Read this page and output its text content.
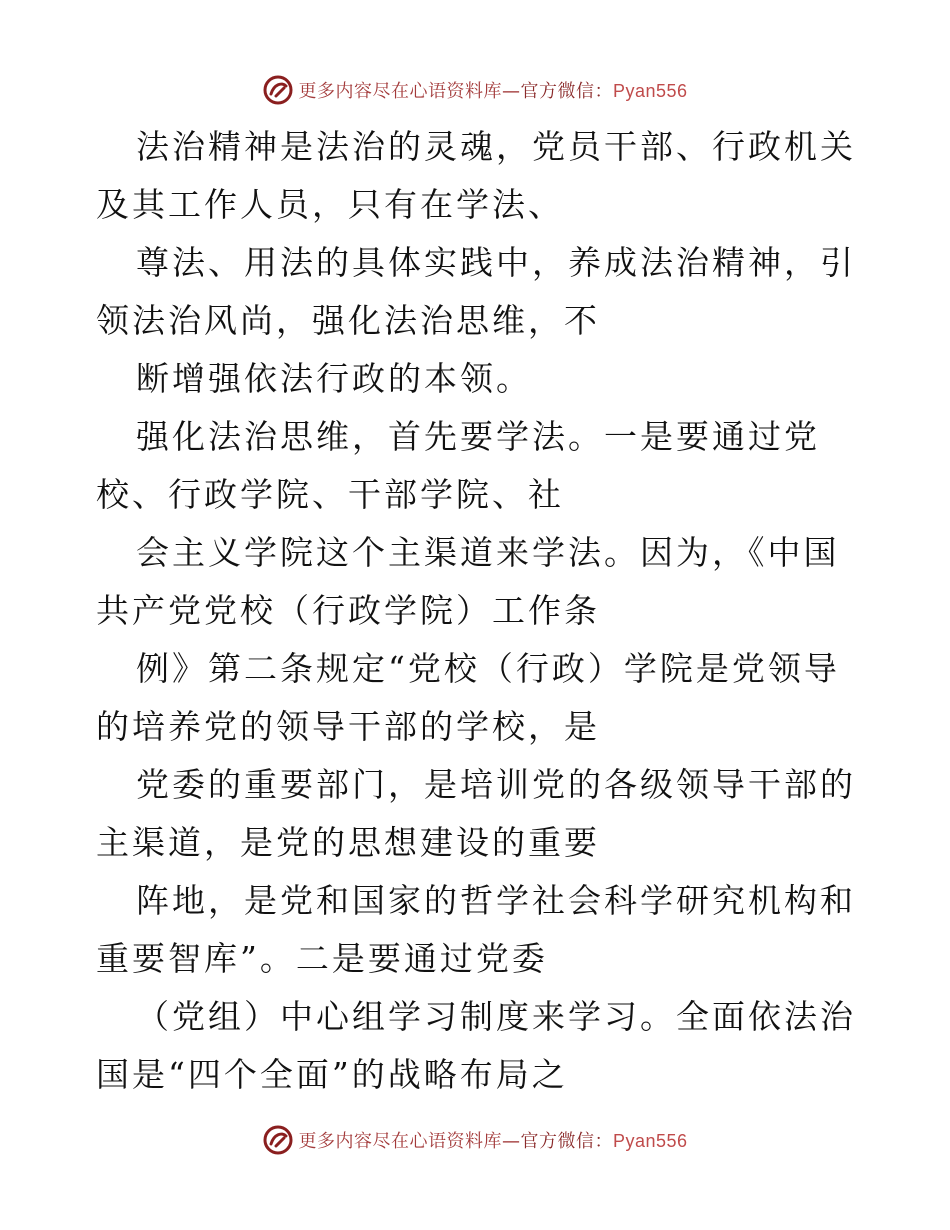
更多内容尽在心语资料库—官方微信：Pyan556

法治精神是法治的灵魂，党员干部、行政机关及其工作人员，只有在学法、

尊法、用法的具体实践中，养成法治精神，引领法治风尚，强化法治思维，不

断增强依法行政的本领。

强化法治思维，首先要学法。一是要通过党校、行政学院、干部学院、社

会主义学院这个主渠道来学法。因为，《中国共产党党校（行政学院）工作条

例》第二条规定“党校（行政）学院是党领导的培养党的领导干部的学校，是

党委的重要部门，是培训党的各级领导干部的主渠道，是党的思想建设的重要

阵地，是党和国家的哲学社会科学研究机构和重要智库”。二是要通过党委

（党组）中心组学习制度来学习。全面依法治国是“四个全面”的战略布局之

更多内容尽在心语资料库—官方微信：Pyan556
